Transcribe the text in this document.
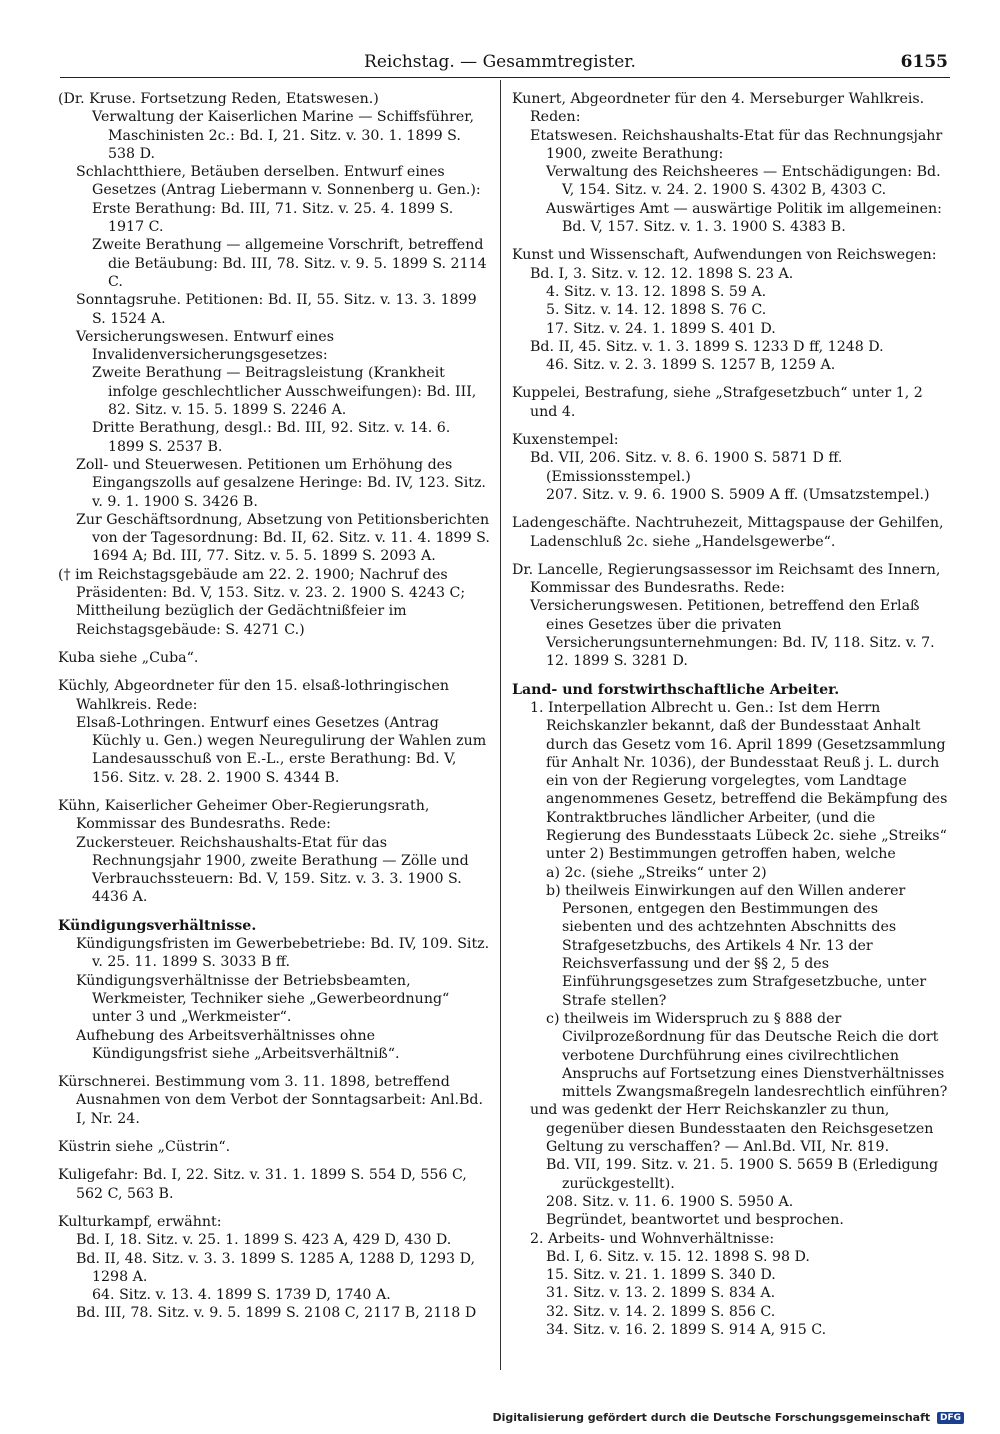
Reichstag. — Gesammtregister.	6155

(Dr. Kruse. Fortsetzung Reden, Etatswesen.)

Verwaltung der Kaiserlichen Marine — Schiffsführer, Maschinisten 2c.: Bd. I, 21. Sitz. v. 30. 1. 1899 S. 538 D.

Schlachtthiere, Betäuben derselben. Entwurf eines Gesetzes (Antrag Liebermann v. Sonnenberg u. Gen.):

Erste Berathung: Bd. III, 71. Sitz. v. 25. 4. 1899 S. 1917 C.

Zweite Berathung — allgemeine Vorschrift, betreffend die Betäubung: Bd. III, 78. Sitz. v. 9. 5. 1899 S. 2114 C.

Sonntagsruhe. Petitionen: Bd. II, 55. Sitz. v. 13. 3. 1899 S. 1524 A.

Versicherungswesen. Entwurf eines Invalidenversicherungsgesetzes:

Zweite Berathung — Beitragsleistung (Krankheit infolge geschlechtlicher Ausschweifungen): Bd. III, 82. Sitz. v. 15. 5. 1899 S. 2246 A.

Dritte Berathung, desgl.: Bd. III, 92. Sitz. v. 14. 6. 1899 S. 2537 B.

Zoll- und Steuerwesen. Petitionen um Erhöhung des Eingangszolls auf gesalzene Heringe: Bd. IV, 123. Sitz. v. 9. 1. 1900 S. 3426 B.

Zur Geschäftsordnung, Absetzung von Petitionsberichten von der Tagesordnung: Bd. II, 62. Sitz. v. 11. 4. 1899 S. 1694 A; Bd. III, 77. Sitz. v. 5. 5. 1899 S. 2093 A.

(† im Reichstagsgebäude am 22. 2. 1900; Nachruf des Präsidenten: Bd. V, 153. Sitz. v. 23. 2. 1900 S. 4243 C; Mittheilung bezüglich der Gedächtnißfeier im Reichstagsgebäude: S. 4271 C.)

Kuba siehe „Cuba“.

Küchly, Abgeordneter für den 15. elsaß-lothringischen Wahlkreis. Rede:

Elsaß-Lothringen. Entwurf eines Gesetzes (Antrag Küchly u. Gen.) wegen Neuregulirung der Wahlen zum Landesausschuß von E.-L., erste Berathung: Bd. V, 156. Sitz. v. 28. 2. 1900 S. 4344 B.

Kühn, Kaiserlicher Geheimer Ober-Regierungsrath, Kommissar des Bundesraths. Rede:

Zuckersteuer. Reichshaushalts-Etat für das Rechnungsjahr 1900, zweite Berathung — Zölle und Verbrauchssteuern: Bd. V, 159. Sitz. v. 3. 3. 1900 S. 4436 A.

Kündigungsverhältnisse.

Kündigungsfristen im Gewerbebetriebe: Bd. IV, 109. Sitz. v. 25. 11. 1899 S. 3033 B ff.

Kündigungsverhältnisse der Betriebsbeamten, Werkmeister, Techniker siehe „Gewerbeordnung“ unter 3 und „Werkmeister“.

Aufhebung des Arbeitsverhältnisses ohne Kündigungsfrist siehe „Arbeitsverhältniß“.

Kürschnerei. Bestimmung vom 3. 11. 1898, betreffend Ausnahmen von dem Verbot der Sonntagsarbeit: Anl.Bd. I, Nr. 24.

Küstrin siehe „Cüstrin“.

Kuligefahr: Bd. I, 22. Sitz. v. 31. 1. 1899 S. 554 D, 556 C, 562 C, 563 B.

Kulturkampf, erwähnt:

Bd. I, 18. Sitz. v. 25. 1. 1899 S. 423 A, 429 D, 430 D.

Bd. II, 48. Sitz. v. 3. 3. 1899 S. 1285 A, 1288 D, 1293 D, 1298 A.

64. Sitz. v. 13. 4. 1899 S. 1739 D, 1740 A.

Bd. III, 78. Sitz. v. 9. 5. 1899 S. 2108 C, 2117 B, 2118 D

Kunert, Abgeordneter für den 4. Merseburger Wahlkreis. Reden:

Etatswesen. Reichshaushalts-Etat für das Rechnungsjahr 1900, zweite Berathung:

Verwaltung des Reichsheeres — Entschädigungen: Bd. V, 154. Sitz. v. 24. 2. 1900 S. 4302 B, 4303 C.

Auswärtiges Amt — auswärtige Politik im allgemeinen: Bd. V, 157. Sitz. v. 1. 3. 1900 S. 4383 B.

Kunst und Wissenschaft, Aufwendungen von Reichswegen:

Bd. I, 3. Sitz. v. 12. 12. 1898 S. 23 A.

4. Sitz. v. 13. 12. 1898 S. 59 A.

5. Sitz. v. 14. 12. 1898 S. 76 C.

17. Sitz. v. 24. 1. 1899 S. 401 D.

Bd. II, 45. Sitz. v. 1. 3. 1899 S. 1233 D ff, 1248 D.

46. Sitz. v. 2. 3. 1899 S. 1257 B, 1259 A.

Kuppelei, Bestrafung, siehe „Strafgesetzbuch“ unter 1, 2 und 4.

Kuxenstempel:

Bd. VII, 206. Sitz. v. 8. 6. 1900 S. 5871 D ff. (Emissionsstempel.)

207. Sitz. v. 9. 6. 1900 S. 5909 A ff. (Umsatzstempel.)

Ladengeschäfte. Nachtruhezeit, Mittagspause der Gehilfen, Ladenschluß 2c. siehe „Handelsgewerbe“.

Dr. Lancelle, Regierungsassessor im Reichsamt des Innern, Kommissar des Bundesraths. Rede:

Versicherungswesen. Petitionen, betreffend den Erlaß eines Gesetzes über die privaten Versicherungsunternehmungen: Bd. IV, 118. Sitz. v. 7. 12. 1899 S. 3281 D.

Land- und forstwirthschaftliche Arbeiter.

1. Interpellation Albrecht u. Gen.: Ist dem Herrn Reichskanzler bekannt, daß der Bundesstaat Anhalt durch das Gesetz vom 16. April 1899 (Gesetzsammlung für Anhalt Nr. 1036), der Bundesstaat Reuß j. L. durch ein von der Regierung vorgelegtes, vom Landtage angenommenes Gesetz, betreffend die Bekämpfung des Kontraktbruches ländlicher Arbeiter, (und die Regierung des Bundesstaats Lübeck 2c. siehe „Streiks“ unter 2) Bestimmungen getroffen haben, welche

a) 2c. (siehe „Streiks“ unter 2)

b) theilweis Einwirkungen auf den Willen anderer Personen, entgegen den Bestimmungen des siebenten und des achtzehnten Abschnitts des Strafgesetzbuchs, des Artikels 4 Nr. 13 der Reichsverfassung und der §§ 2, 5 des Einführungsgesetzes zum Strafgesetzbuche, unter Strafe stellen?

c) theilweis im Widerspruch zu § 888 der Civilprozeßordnung für das Deutsche Reich die dort verbotene Durchführung eines civilrechtlichen Anspruchs auf Fortsetzung eines Dienstverhältnisses mittels Zwangsmaßregeln landesrechtlich einführen?

und was gedenkt der Herr Reichskanzler zu thun, gegenüber diesen Bundesstaaten den Reichsgesetzen Geltung zu verschaffen? — Anl.Bd. VII, Nr. 819.

Bd. VII, 199. Sitz. v. 21. 5. 1900 S. 5659 B (Erledigung zurückgestellt).

208. Sitz. v. 11. 6. 1900 S. 5950 A.

Begründet, beantwortet und besprochen.

2. Arbeits- und Wohnverhältnisse:

Bd. I, 6. Sitz. v. 15. 12. 1898 S. 98 D.

15. Sitz. v. 21. 1. 1899 S. 340 D.

31. Sitz. v. 13. 2. 1899 S. 834 A.

32. Sitz. v. 14. 2. 1899 S. 856 C.

34. Sitz. v. 16. 2. 1899 S. 914 A, 915 C.

Digitalisierung gefördert durch die Deutsche Forschungsgemeinschaft DFG
